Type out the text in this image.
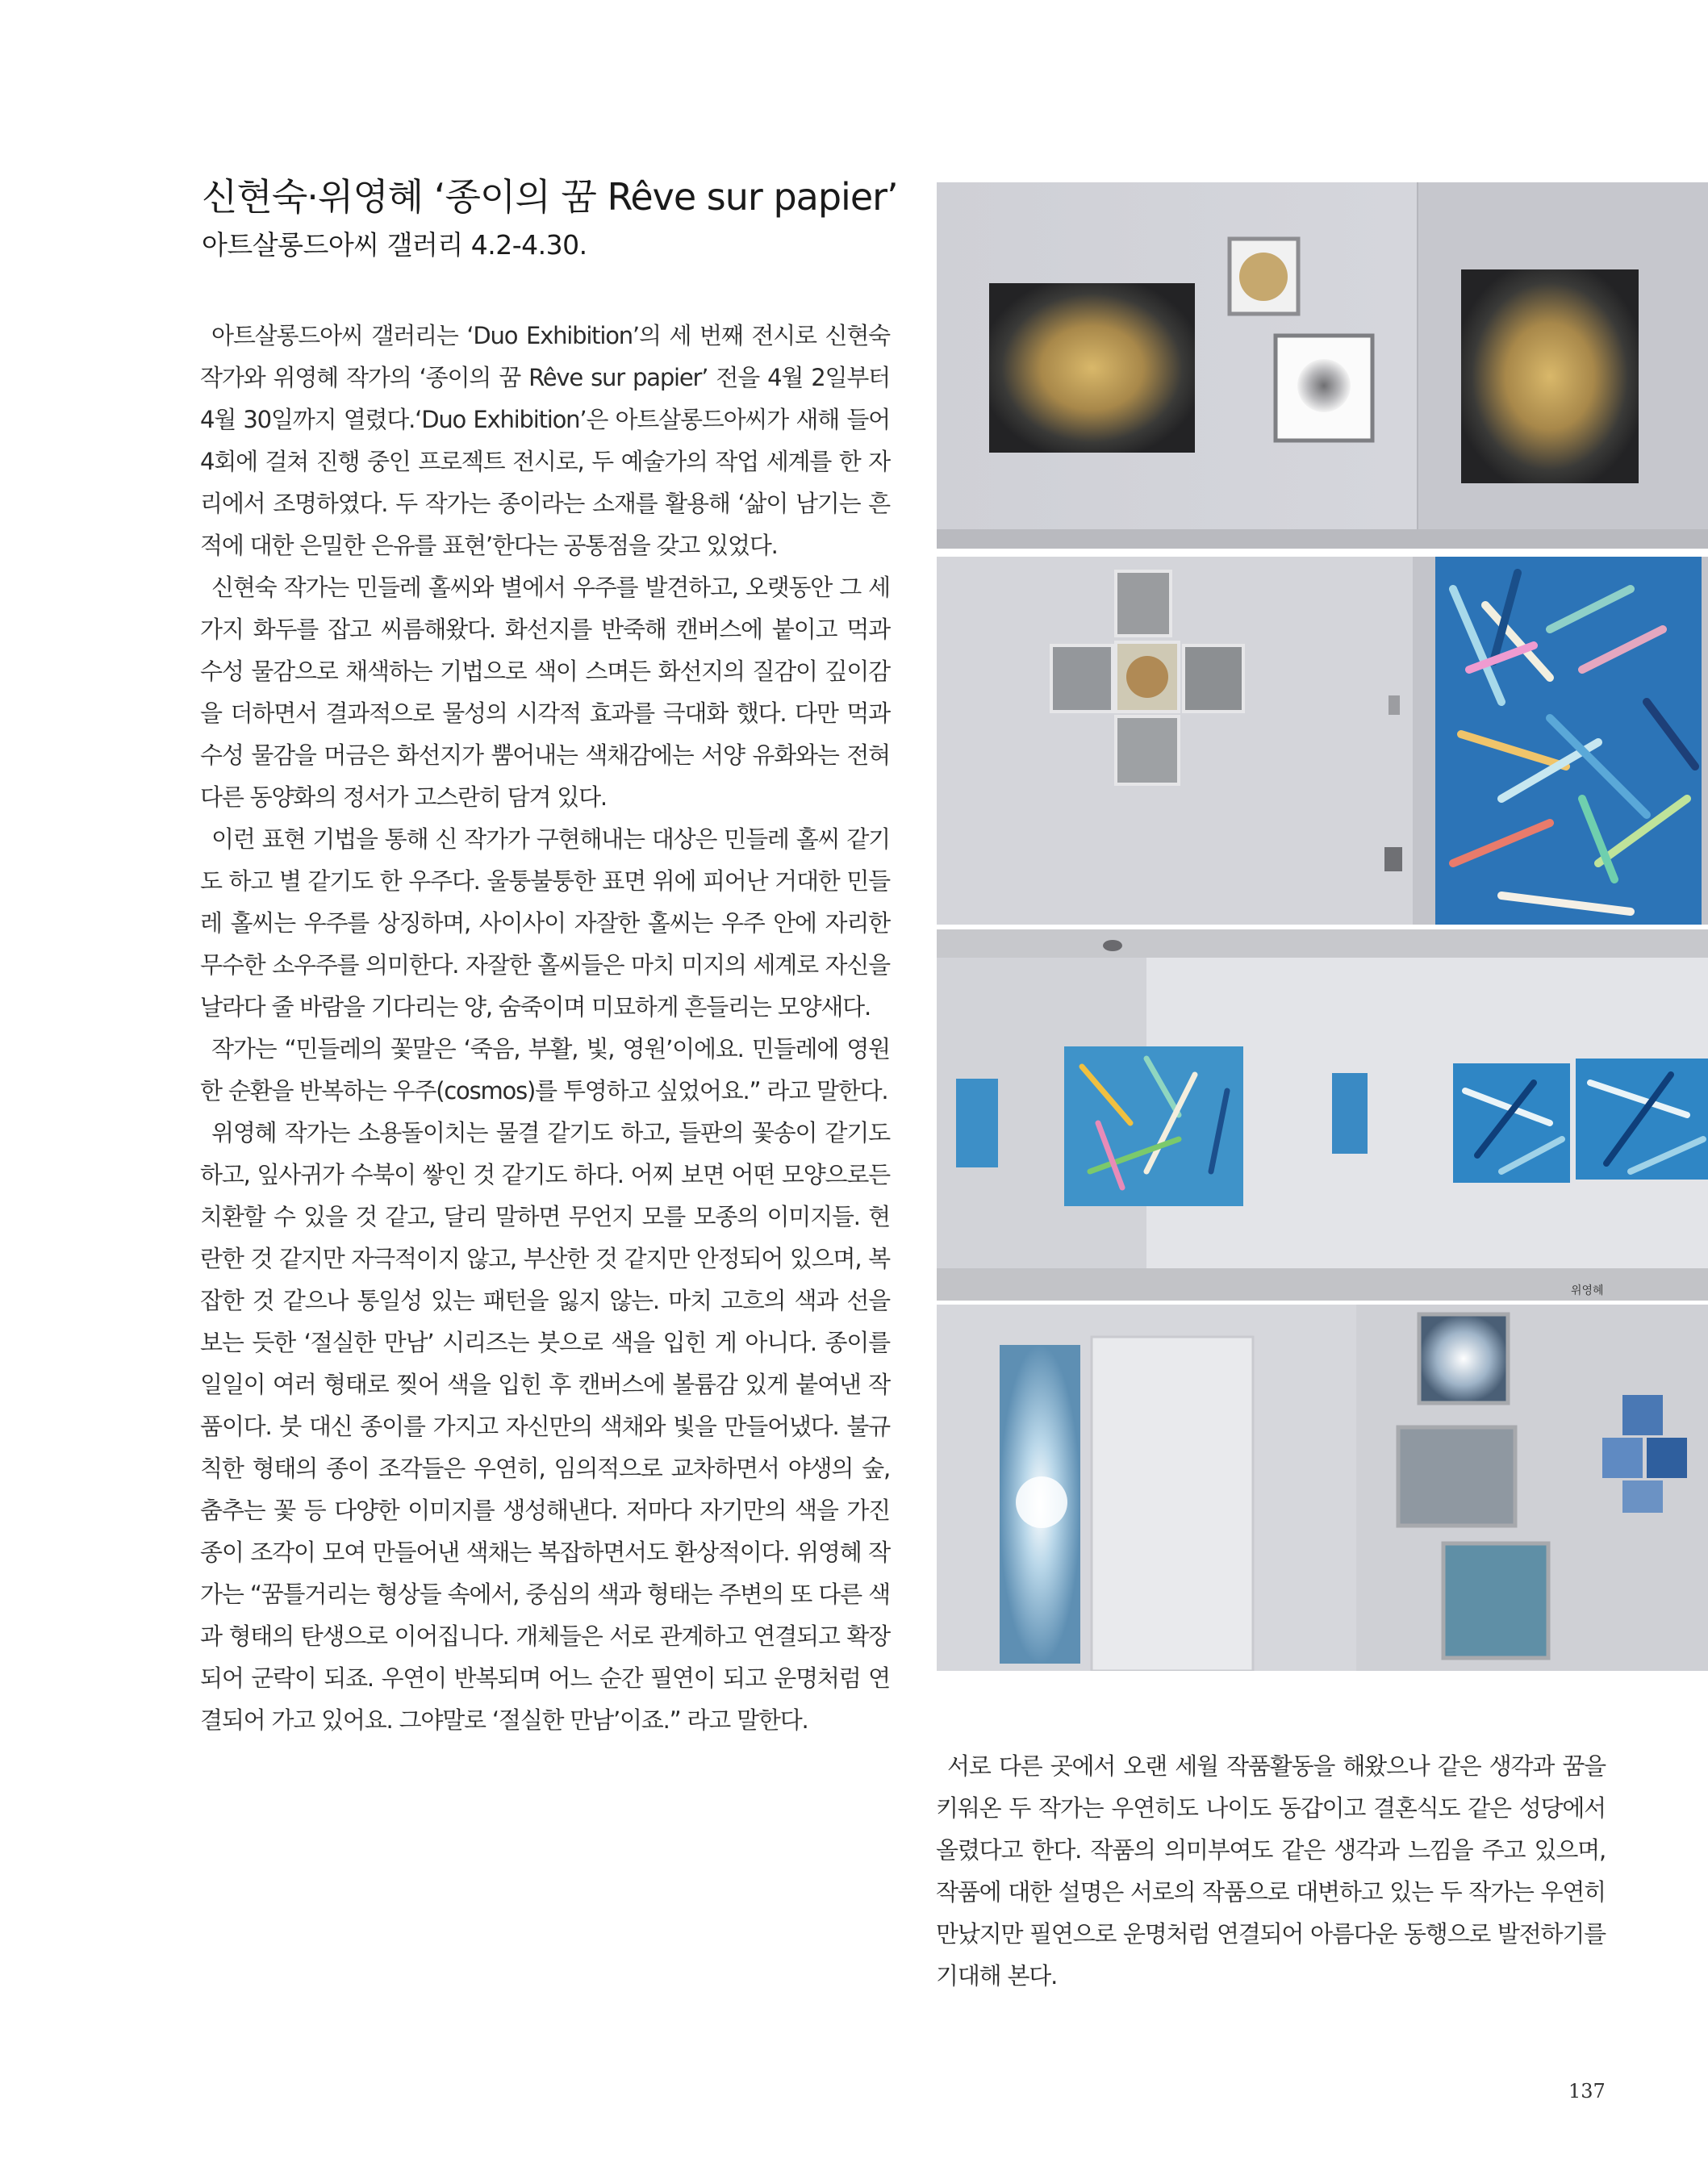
신현숙·위영혜 ‘종이의 꿈 Rêve sur papier’
아트살롱드아씨 갤러리 4.2-4.30.

아트살롱드아씨 갤러리는 ‘Duo Exhibition’의 세 번째 전시로 신현숙 작가와 위영혜 작가의 ‘종이의 꿈 Rêve sur papier’ 전을 4월 2일부터 4월 30일까지 열렸다.‘Duo Exhibition’은 아트살롱드아씨가 새해 들어 4회에 걸쳐 진행 중인 프로젝트 전시로, 두 예술가의 작업 세계를 한 자리에서 조명하였다. 두 작가는 종이라는 소재를 활용해 ‘삶이 남기는 흔적에 대한 은밀한 은유를 표현’한다는 공통점을 갖고 있었다.

신현숙 작가는 민들레 홀씨와 별에서 우주를 발견하고, 오랫동안 그 세 가지 화두를 잡고 씨름해왔다. 화선지를 반죽해 캔버스에 붙이고 먹과 수성 물감으로 채색하는 기법으로 색이 스며든 화선지의 질감이 깊이감을 더하면서 결과적으로 물성의 시각적 효과를 극대화 했다. 다만 먹과 수성 물감을 머금은 화선지가 뿜어내는 색채감에는 서양 유화와는 전혀 다른 동양화의 정서가 고스란히 담겨 있다.

이런 표현 기법을 통해 신 작가가 구현해내는 대상은 민들레 홀씨 같기도 하고 별 같기도 한 우주다. 울퉁불퉁한 표면 위에 피어난 거대한 민들레 홀씨는 우주를 상징하며, 사이사이 자잘한 홀씨는 우주 안에 자리한 무수한 소우주를 의미한다. 자잘한 홀씨들은 마치 미지의 세계로 자신을 날라다 줄 바람을 기다리는 양, 숨죽이며 미묘하게 흔들리는 모양새다.

작가는 “민들레의 꽃말은 ‘죽음, 부활, 빛, 영원’이에요. 민들레에 영원한 순환을 반복하는 우주(cosmos)를 투영하고 싶었어요.” 라고 말한다.

위영혜 작가는 소용돌이치는 물결 같기도 하고, 들판의 꽃송이 같기도 하고, 잎사귀가 수북이 쌓인 것 같기도 하다. 어찌 보면 어떤 모양으로든 치환할 수 있을 것 같고, 달리 말하면 무언지 모를 모종의 이미지들. 현란한 것 같지만 자극적이지 않고, 부산한 것 같지만 안정되어 있으며, 복잡한 것 같으나 통일성 있는 패턴을 잃지 않는. 마치 고흐의 색과 선을 보는 듯한 ‘절실한 만남’ 시리즈는 붓으로 색을 입힌 게 아니다. 종이를 일일이 여러 형태로 찢어 색을 입힌 후 캔버스에 볼륨감 있게 붙여낸 작품이다. 붓 대신 종이를 가지고 자신만의 색채와 빛을 만들어냈다. 불규칙한 형태의 종이 조각들은 우연히, 임의적으로 교차하면서 야생의 숲, 춤추는 꽃 등 다양한 이미지를 생성해낸다. 저마다 자기만의 색을 가진 종이 조각이 모여 만들어낸 색채는 복잡하면서도 환상적이다. 위영혜 작가는 “꿈틀거리는 형상들 속에서, 중심의 색과 형태는 주변의 또 다른 색과 형태의 탄생으로 이어집니다. 개체들은 서로 관계하고 연결되고 확장되어 군락이 되죠. 우연이 반복되며 어느 순간 필연이 되고 운명처럼 연결되어 가고 있어요. 그야말로 ‘절실한 만남’이죠.” 라고 말한다.

서로 다른 곳에서 오랜 세월 작품활동을 해왔으나 같은 생각과 꿈을 키워온 두 작가는 우연히도 나이도 동갑이고 결혼식도 같은 성당에서 올렸다고 한다. 작품의 의미부여도 같은 생각과 느낌을 주고 있으며, 작품에 대한 설명은 서로의 작품으로 대변하고 있는 두 작가는 우연히 만났지만 필연으로 운명처럼 연결되어 아름다운 동행으로 발전하기를 기대해 본다.

위영혜
137
